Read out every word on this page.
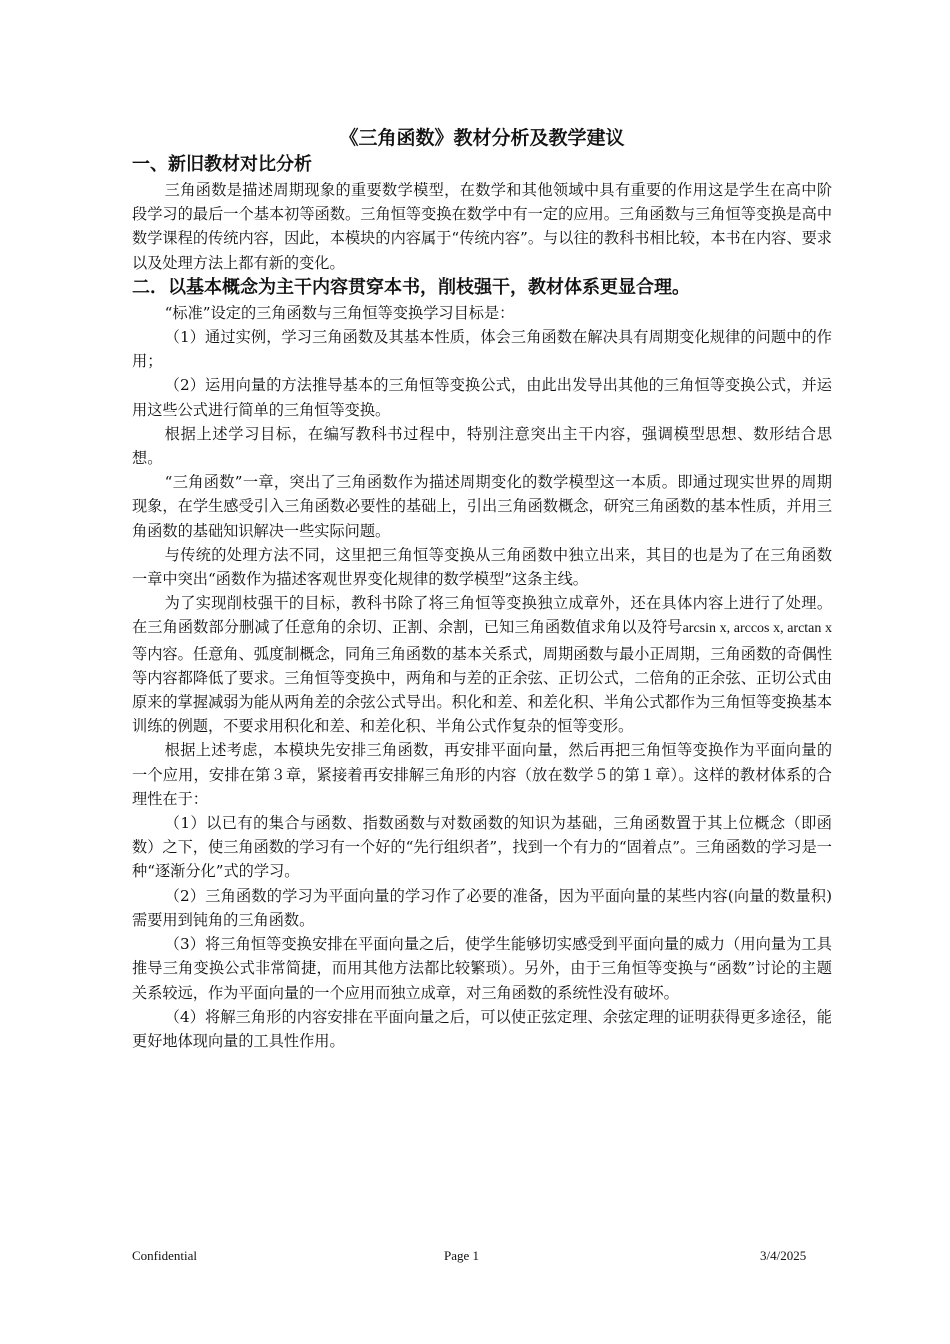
《三角函数》教材分析及教学建议

一、新旧教材对比分析

三角函数是描述周期现象的重要数学模型，在数学和其他领域中具有重要的作用这是学生在高中阶段学习的最后一个基本初等函数。三角恒等变换在数学中有一定的应用。三角函数与三角恒等变换是高中数学课程的传统内容，因此，本模块的内容属于“传统内容”。与以往的教科书相比较，本书在内容、要求以及处理方法上都有新的变化。

二．以基本概念为主干内容贯穿本书，削枝强干，教材体系更显合理。

“标准”设定的三角函数与三角恒等变换学习目标是：

（1）通过实例，学习三角函数及其基本性质，体会三角函数在解决具有周期变化规律的问题中的作用；

（2）运用向量的方法推导基本的三角恒等变换公式，由此出发导出其他的三角恒等变换公式，并运用这些公式进行简单的三角恒等变换。

根据上述学习目标，在编写教科书过程中，特别注意突出主干内容，强调模型思想、数形结合思想。

“三角函数”一章，突出了三角函数作为描述周期变化的数学模型这一本质。即通过现实世界的周期现象，在学生感受引入三角函数必要性的基础上，引出三角函数概念，研究三角函数的基本性质，并用三角函数的基础知识解决一些实际问题。

与传统的处理方法不同，这里把三角恒等变换从三角函数中独立出来，其目的也是为了在三角函数一章中突出“函数作为描述客观世界变化规律的数学模型”这条主线。

为了实现削枝强干的目标，教科书除了将三角恒等变换独立成章外，还在具体内容上进行了处理。在三角函数部分删减了任意角的余切、正割、余割，已知三角函数值求角以及符号arcsin x, arccos x, arctan x等内容。任意角、弧度制概念，同角三角函数的基本关系式，周期函数与最小正周期，三角函数的奇偶性等内容都降低了要求。三角恒等变换中，两角和与差的正余弦、正切公式，二倍角的正余弦、正切公式由原来的掌握减弱为能从两角差的余弦公式导出。积化和差、和差化积、半角公式都作为三角恒等变换基本训练的例题，不要求用积化和差、和差化积、半角公式作复杂的恒等变形。

根据上述考虑，本模块先安排三角函数，再安排平面向量，然后再把三角恒等变换作为平面向量的一个应用，安排在第３章，紧接着再安排解三角形的内容（放在数学５的第１章）。这样的教材体系的合理性在于：

（1）以已有的集合与函数、指数函数与对数函数的知识为基础，三角函数置于其上位概念（即函数）之下，使三角函数的学习有一个好的“先行组织者”，找到一个有力的“固着点”。三角函数的学习是一种“逐渐分化”式的学习。

（2）三角函数的学习为平面向量的学习作了必要的准备，因为平面向量的某些内容(向量的数量积)需要用到钝角的三角函数。

（3）将三角恒等变换安排在平面向量之后，使学生能够切实感受到平面向量的威力（用向量为工具推导三角变换公式非常简捷，而用其他方法都比较繁琐）。另外，由于三角恒等变换与“函数”讨论的主题关系较远，作为平面向量的一个应用而独立成章，对三角函数的系统性没有破坏。

（4）将解三角形的内容安排在平面向量之后，可以使正弦定理、余弦定理的证明获得更多途径，能更好地体现向量的工具性作用。

Confidential	Page 1	3/4/2025
